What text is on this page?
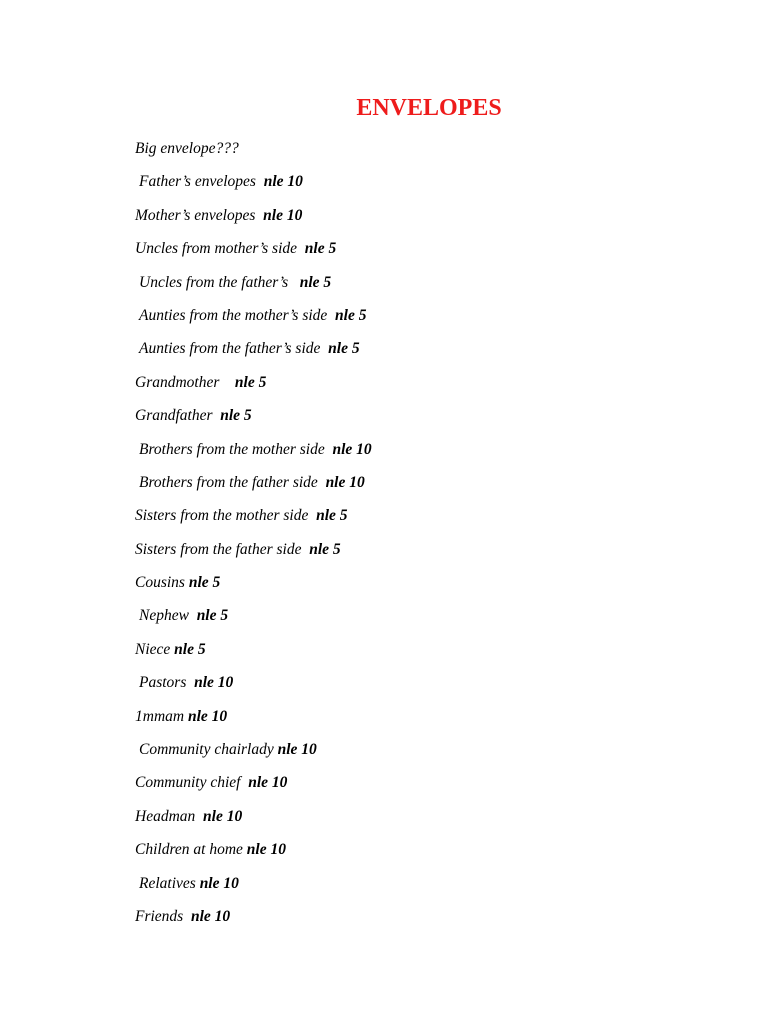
ENVELOPES
Big envelope???
Father’s envelopes  nle 10
Mother’s envelopes  nle 10
Uncles from mother’s side  nle 5
Uncles from the father’s   nle 5
Aunties from the mother’s side  nle 5
Aunties from the father’s side  nle 5
Grandmother    nle 5
Grandfather  nle 5
Brothers from the mother side  nle 10
Brothers from the father side  nle 10
Sisters from the mother side  nle 5
Sisters from the father side  nle 5
Cousins nle 5
Nephew  nle 5
Niece nle 5
Pastors  nle 10
1mmam nle 10
Community chairlady nle 10
Community chief  nle 10
Headman  nle 10
Children at home nle 10
Relatives nle 10
Friends  nle 10
